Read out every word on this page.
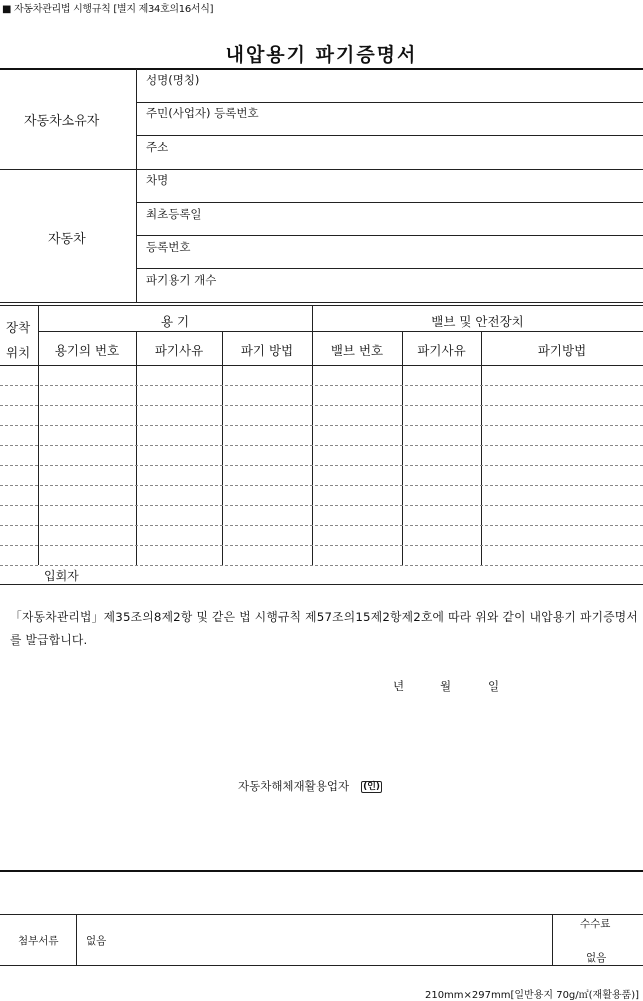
■ 자동차관리법 시행규칙 [별지 제34호의16서식]
내압용기 파기증명서
자동차소유자
성명(명칭)
주민(사업자) 등록번호
주소
자동차
차명
최초등록일
등록번호
파기용기 개수
장착
위치
용 기	밸브 및 안전장치
용기의 번호	파기사유	파기 방법	밸브 번호	파기사유	파기방법
입회자
「자동차관리법」제35조의8제2항 및 같은 법 시행규칙 제57조의15제2항제2호에 따라 위와 같이 내압용기 파기증명서를 발급합니다.
년	월	일
자동차해체재활용업자 (인)
첨부서류	없음
수수료
없음
210mm×297mm[일반용지 70g/㎡(재활용품)]
